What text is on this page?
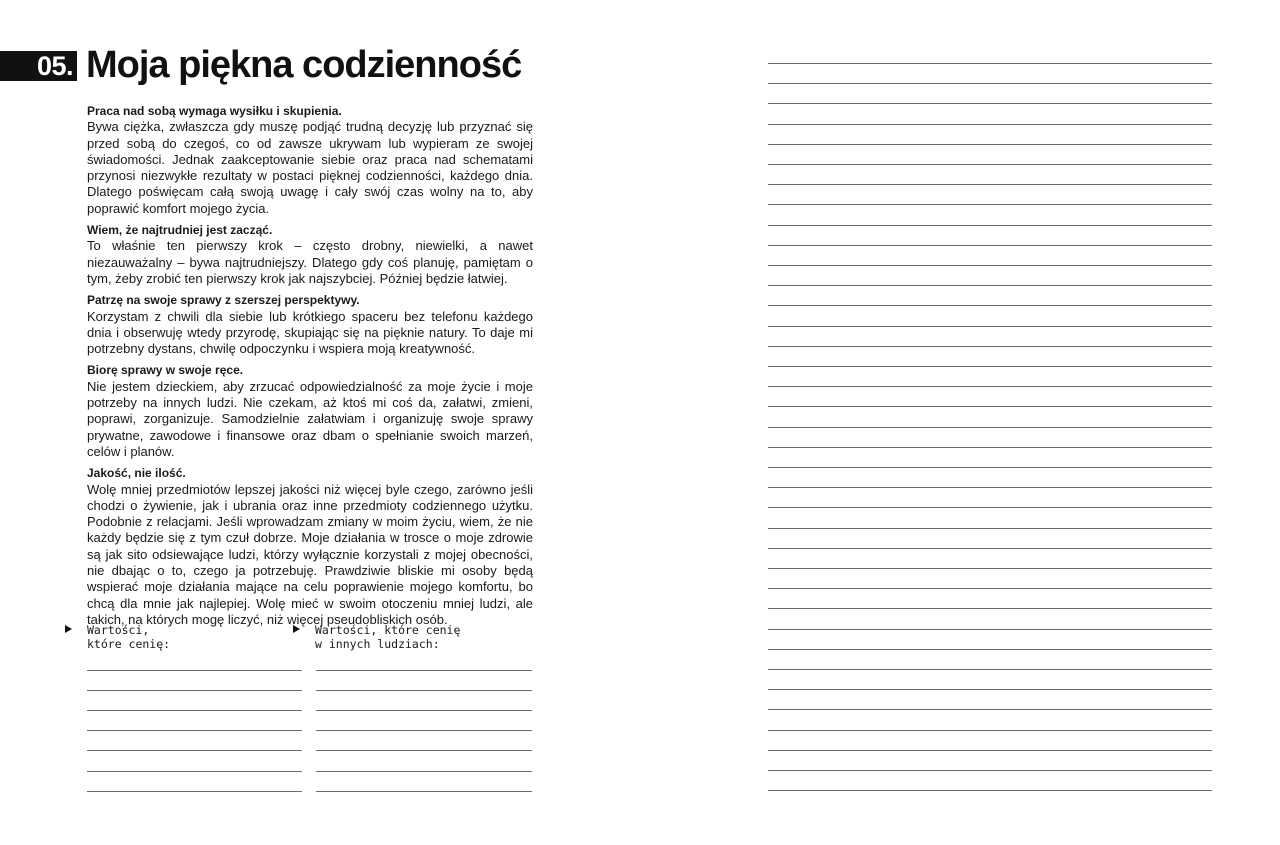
05. Moja piękna codzienność

Praca nad sobą wymaga wysiłku i skupienia.

Bywa ciężka, zwłaszcza gdy muszę podjąć trudną decyzję lub przyznać się przed sobą do czegoś, co od zawsze ukrywam lub wypieram ze swojej świadomości. Jednak zaakceptowanie siebie oraz praca nad schematami przynosi niezwykłe rezultaty w postaci pięknej codzienności, każdego dnia. Dlatego poświęcam całą swoją uwagę i cały swój czas wolny na to, aby poprawić komfort mojego życia.

Wiem, że najtrudniej jest zacząć.

To właśnie ten pierwszy krok – często drobny, niewielki, a nawet niezauważalny – bywa najtrudniejszy. Dlatego gdy coś planuję, pamiętam o tym, żeby zrobić ten pierwszy krok jak najszybciej. Później będzie łatwiej.

Patrzę na swoje sprawy z szerszej perspektywy.

Korzystam z chwili dla siebie lub krótkiego spaceru bez telefonu każdego dnia i obserwuję wtedy przyrodę, skupiając się na pięknie natury. To daje mi potrzebny dystans, chwilę odpoczynku i wspiera moją kreatywność.

Biorę sprawy w swoje ręce.

Nie jestem dzieckiem, aby zrzucać odpowiedzialność za moje życie i moje potrzeby na innych ludzi. Nie czekam, aż ktoś mi coś da, załatwi, zmieni, poprawi, zorganizuje. Samodzielnie załatwiam i organizuję swoje sprawy prywatne, zawodowe i finansowe oraz dbam o spełnianie swoich marzeń, celów i planów.

Jakość, nie ilość.

Wolę mniej przedmiotów lepszej jakości niż więcej byle czego, zarówno jeśli chodzi o żywienie, jak i ubrania oraz inne przedmioty codziennego użytku. Podobnie z relacjami. Jeśli wprowadzam zmiany w moim życiu, wiem, że nie każdy będzie się z tym czuł dobrze. Moje działania w trosce o moje zdrowie są jak sito odsiewające ludzi, którzy wyłącznie korzystali z mojej obecności, nie dbając o to, czego ja potrzebuję. Prawdziwie bliskie mi osoby będą wspierać moje działania mające na celu poprawienie mojego komfortu, bo chcą dla mnie jak najlepiej. Wolę mieć w swoim otoczeniu mniej ludzi, ale takich, na których mogę liczyć, niż więcej pseudobliskich osób.

Wartości,
które cenię:
Wartości, które cenię
w innych ludziach:
